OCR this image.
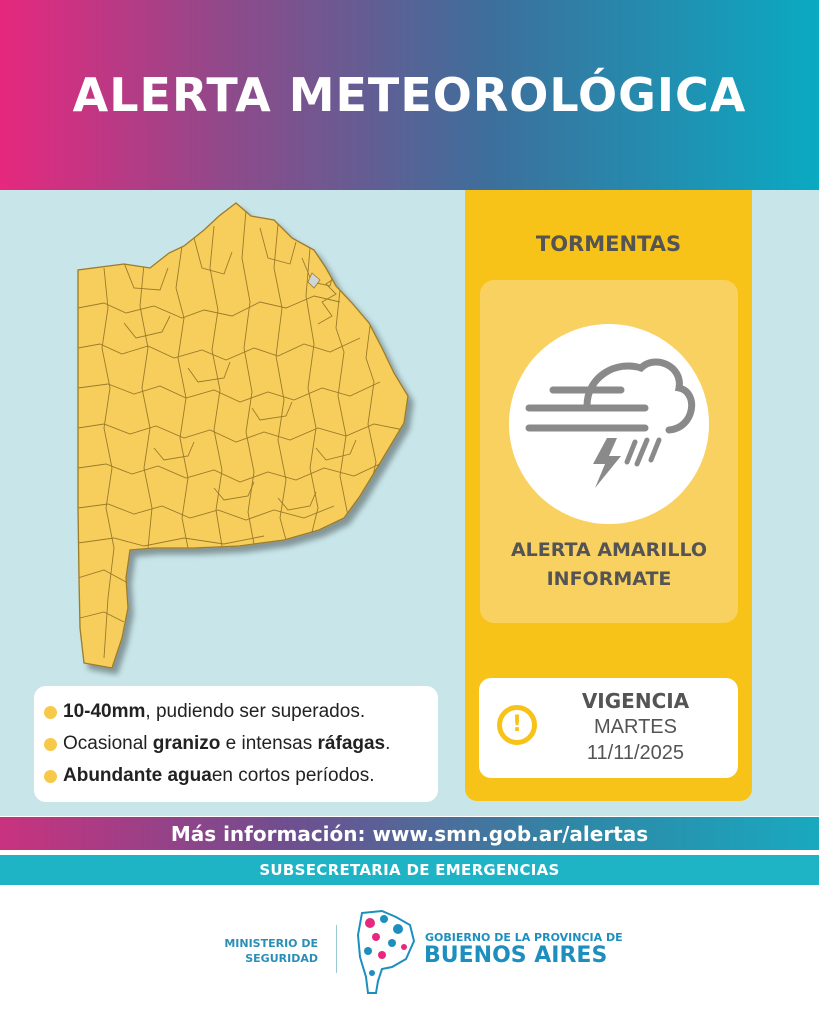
ALERTA METEOROLÓGICA
10-40mm , pudiendo ser superados.
Ocasional
granizo
e intensas
ráfagas .
Abundante agua en cortos períodos.
TORMENTAS
ALERTA AMARILLO
INFORMATE
!
VIGENCIA
MARTES
11/11/2025
Más información: www.smn.gob.ar/alertas
SUBSECRETARIA DE EMERGENCIAS
MINISTERIO DE
SEGURIDAD
GOBIERNO DE LA PROVINCIA DE
BUENOS AIRES
